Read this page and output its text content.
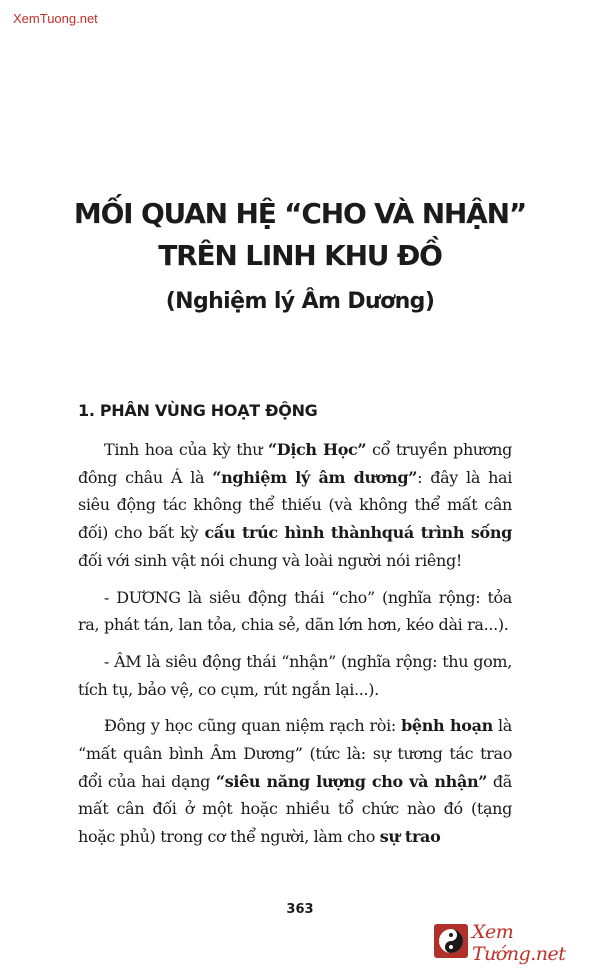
XemTuong.net
MỐI QUAN HỆ “CHO VÀ NHẬN”
TRÊN LINH KHU ĐỒ
(Nghiệm lý Âm Dương)
1. PHÂN VÙNG HOẠT ĐỘNG

Tinh hoa của kỳ thư “Dịch Học” cổ truyền phương đông châu Á là “nghiệm lý âm dương”: đây là hai siêu động tác không thể thiếu (và không thể mất cân đối) cho bất kỳ cấu trúc hình thànhquá trình sống đối với sinh vật nói chung và loài người nói riêng!

- DƯƠNG là siêu động thái “cho” (nghĩa rộng: tỏa ra, phát tán, lan tỏa, chia sẻ, dãn lớn hơn, kéo dài ra...).

- ÂM là siêu động thái “nhận” (nghĩa rộng: thu gom, tích tụ, bảo vệ, co cụm, rút ngắn lại...).

Đông y học cũng quan niệm rạch ròi: bệnh hoạn là “mất quân bình Âm Dương” (tức là: sự tương tác trao đổi của hai dạng “siêu năng lượng cho và nhận” đã mất cân đối ở một hoặc nhiều tổ chức nào đó (tạng hoặc phủ) trong cơ thể người, làm cho sự trao

363
Xem Tướng.net
